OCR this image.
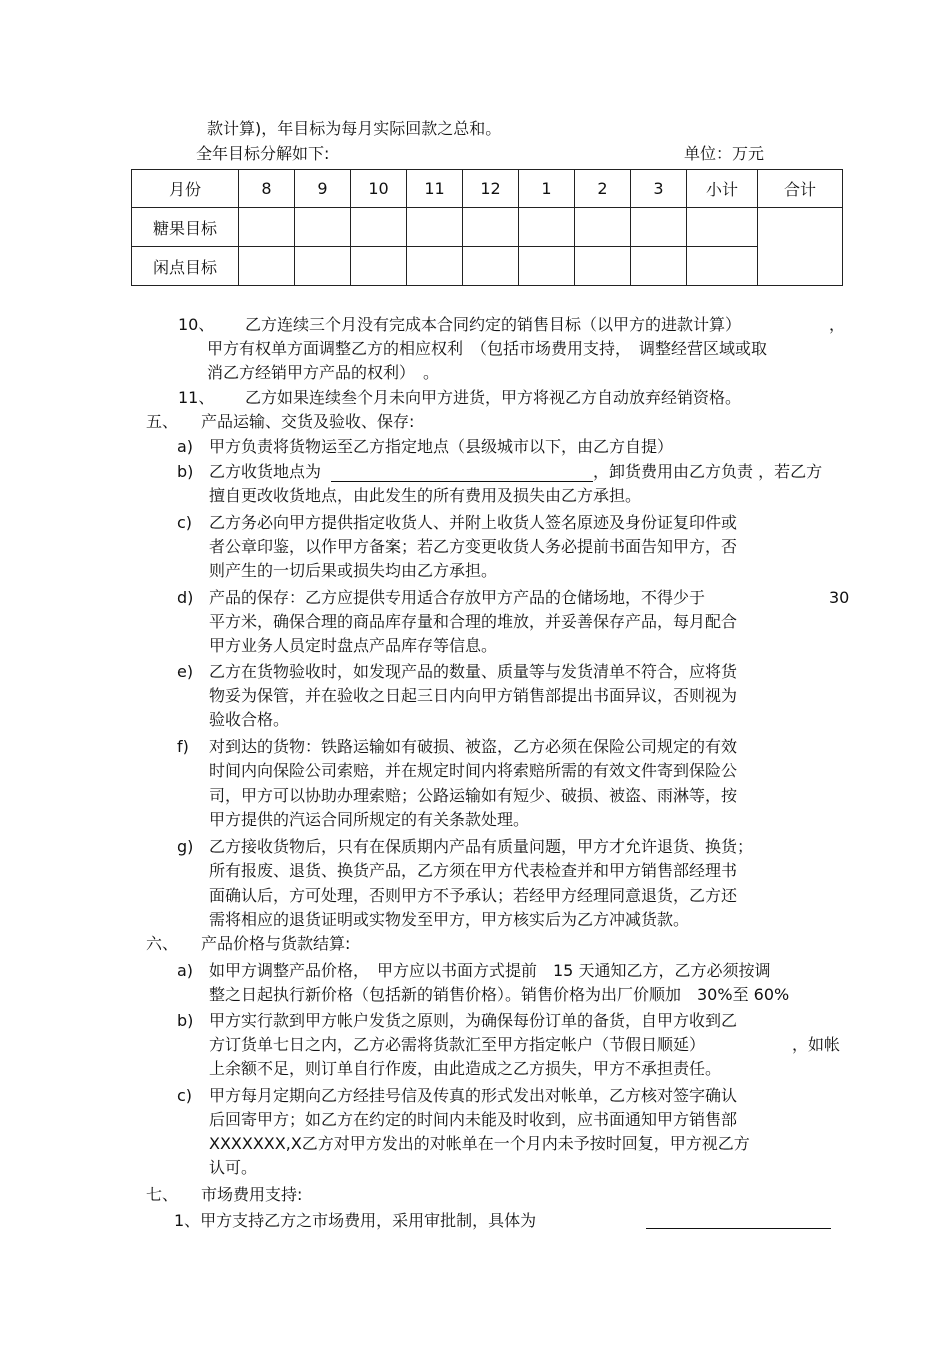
款计算)，年目标为每月实际回款之总和。
全年目标分解如下:	单位：万元
月份	8	9	10	11	12	1	2	3	小计	合计
糖果目标										
闲点目标										
10、 乙方连续三个月没有完成本合同约定的销售目标（以甲方的进款计算）	，
甲方有权单方面调整乙方的相应权利　（包括市场费用支持，　调整经营区域或取
消乙方经销甲方产品的权利）　。
11、 乙方如果连续叁个月未向甲方进货，甲方将视乙方自动放弃经销资格。
五、 产品运输、交货及验收、保存:
a) 甲方负责将货物运至乙方指定地点（县级城市以下，由乙方自提）
b) 乙方收货地点为	，卸货费用由乙方负责 ，若乙方
擅自更改收货地点，由此发生的所有费用及损失由乙方承担。
c) 乙方务必向甲方提供指定收货人、并附上收货人签名原迹及身份证复印件或
者公章印鉴，以作甲方备案；若乙方变更收货人务必提前书面告知甲方，否
则产生的一切后果或损失均由乙方承担。
d) 产品的保存：乙方应提供专用适合存放甲方产品的仓储场地，不得少于	30
平方米，确保合理的商品库存量和合理的堆放，并妥善保存产品，每月配合
甲方业务人员定时盘点产品库存等信息。
e) 乙方在货物验收时，如发现产品的数量、质量等与发货清单不符合，应将货
物妥为保管，并在验收之日起三日内向甲方销售部提出书面异议，否则视为
验收合格。
f) 对到达的货物：铁路运输如有破损、被盗，乙方必须在保险公司规定的有效
时间内向保险公司索赔，并在规定时间内将索赔所需的有效文件寄到保险公
司，甲方可以协助办理索赔；公路运输如有短少、破损、被盗、雨淋等，按
甲方提供的汽运合同所规定的有关条款处理。
g) 乙方接收货物后，只有在保质期内产品有质量问题，甲方才允许退货、换货；
所有报废、退货、换货产品，乙方须在甲方代表检查并和甲方销售部经理书
面确认后，方可处理，否则甲方不予承认；若经甲方经理同意退货，乙方还
需将相应的退货证明或实物发至甲方，甲方核实后为乙方冲减货款。
六、 产品价格与货款结算:
a) 如甲方调整产品价格，　甲方应以书面方式提前　15 天通知乙方，乙方必须按调
整之日起执行新价格（包括新的销售价格）。销售价格为出厂价顺加　30%至 60%
b) 甲方实行款到甲方帐户发货之原则，为确保每份订单的备货，自甲方收到乙
方订货单七日之内，乙方必需将货款汇至甲方指定帐户（节假日顺延）	，如帐
上余额不足，则订单自行作废，由此造成之乙方损失，甲方不承担责任。
c) 甲方每月定期向乙方经挂号信及传真的形式发出对帐单，乙方核对签字确认
后回寄甲方；如乙方在约定的时间内未能及时收到，应书面通知甲方销售部
XXXXXXX,X乙方对甲方发出的对帐单在一个月内未予按时回复，甲方视乙方
认可。
七、 市场费用支持:
1、甲方支持乙方之市场费用，采用审批制，具体为
